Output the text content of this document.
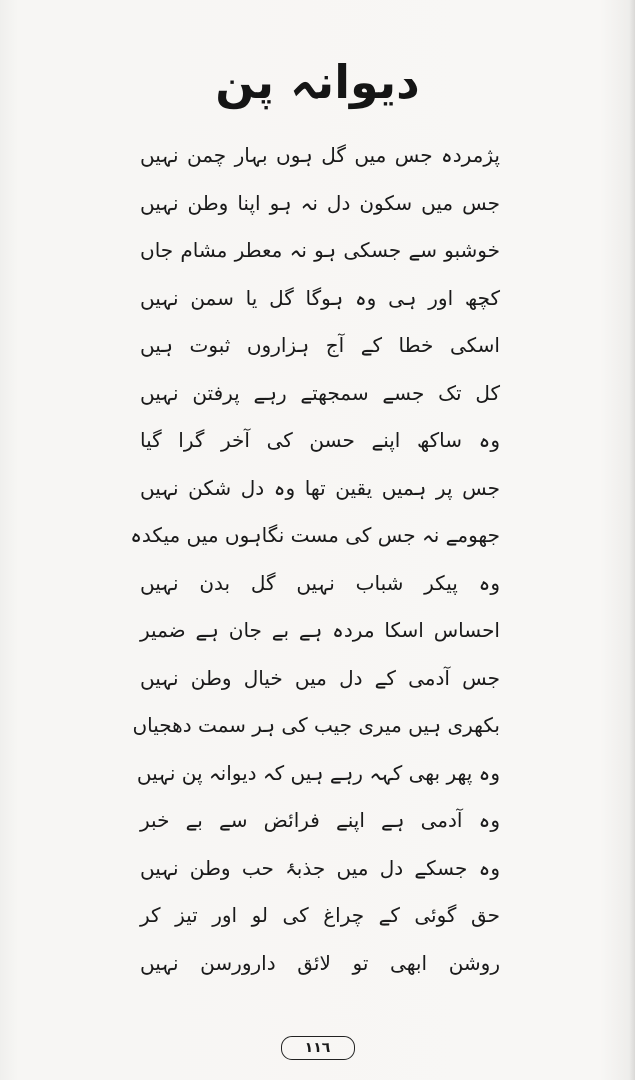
دیوانہ پن
پژمردہ جس میں گل ہوں بہار چمن نہیں
جس میں سکون دل نہ ہو اپنا وطن نہیں
خوشبو سے جسکی ہو نہ معطر مشام جاں
کچھ اور ہی وہ ہوگا گل یا سمن نہیں
اسکی خطا کے آج ہزاروں ثبوت ہیں
کل تک جسے سمجھتے رہے پرفتن نہیں
وہ ساکھ اپنے حسن کی آخر گرا گیا
جس پر ہمیں یقین تھا وہ دل شکن نہیں
جھومے نہ جس کی مست نگاہوں میں میکدہ
وہ پیکر شباب نہیں گل بدن نہیں
احساس اسکا مردہ ہے بے جان ہے ضمیر
جس آدمی کے دل میں خیال وطن نہیں
بکھری ہیں میری جیب کی ہر سمت دھجیاں
وہ پھر بھی کہہ رہے ہیں کہ دیوانہ پن نہیں
وہ آدمی ہے اپنے فرائض سے بے خبر
وہ جسکے دل میں جذبۂ حب وطن نہیں
حق گوئی کے چراغ کی لو اور تیز کر
روشن ابھی تو لائق دارورسن نہیں
۱۱٦
